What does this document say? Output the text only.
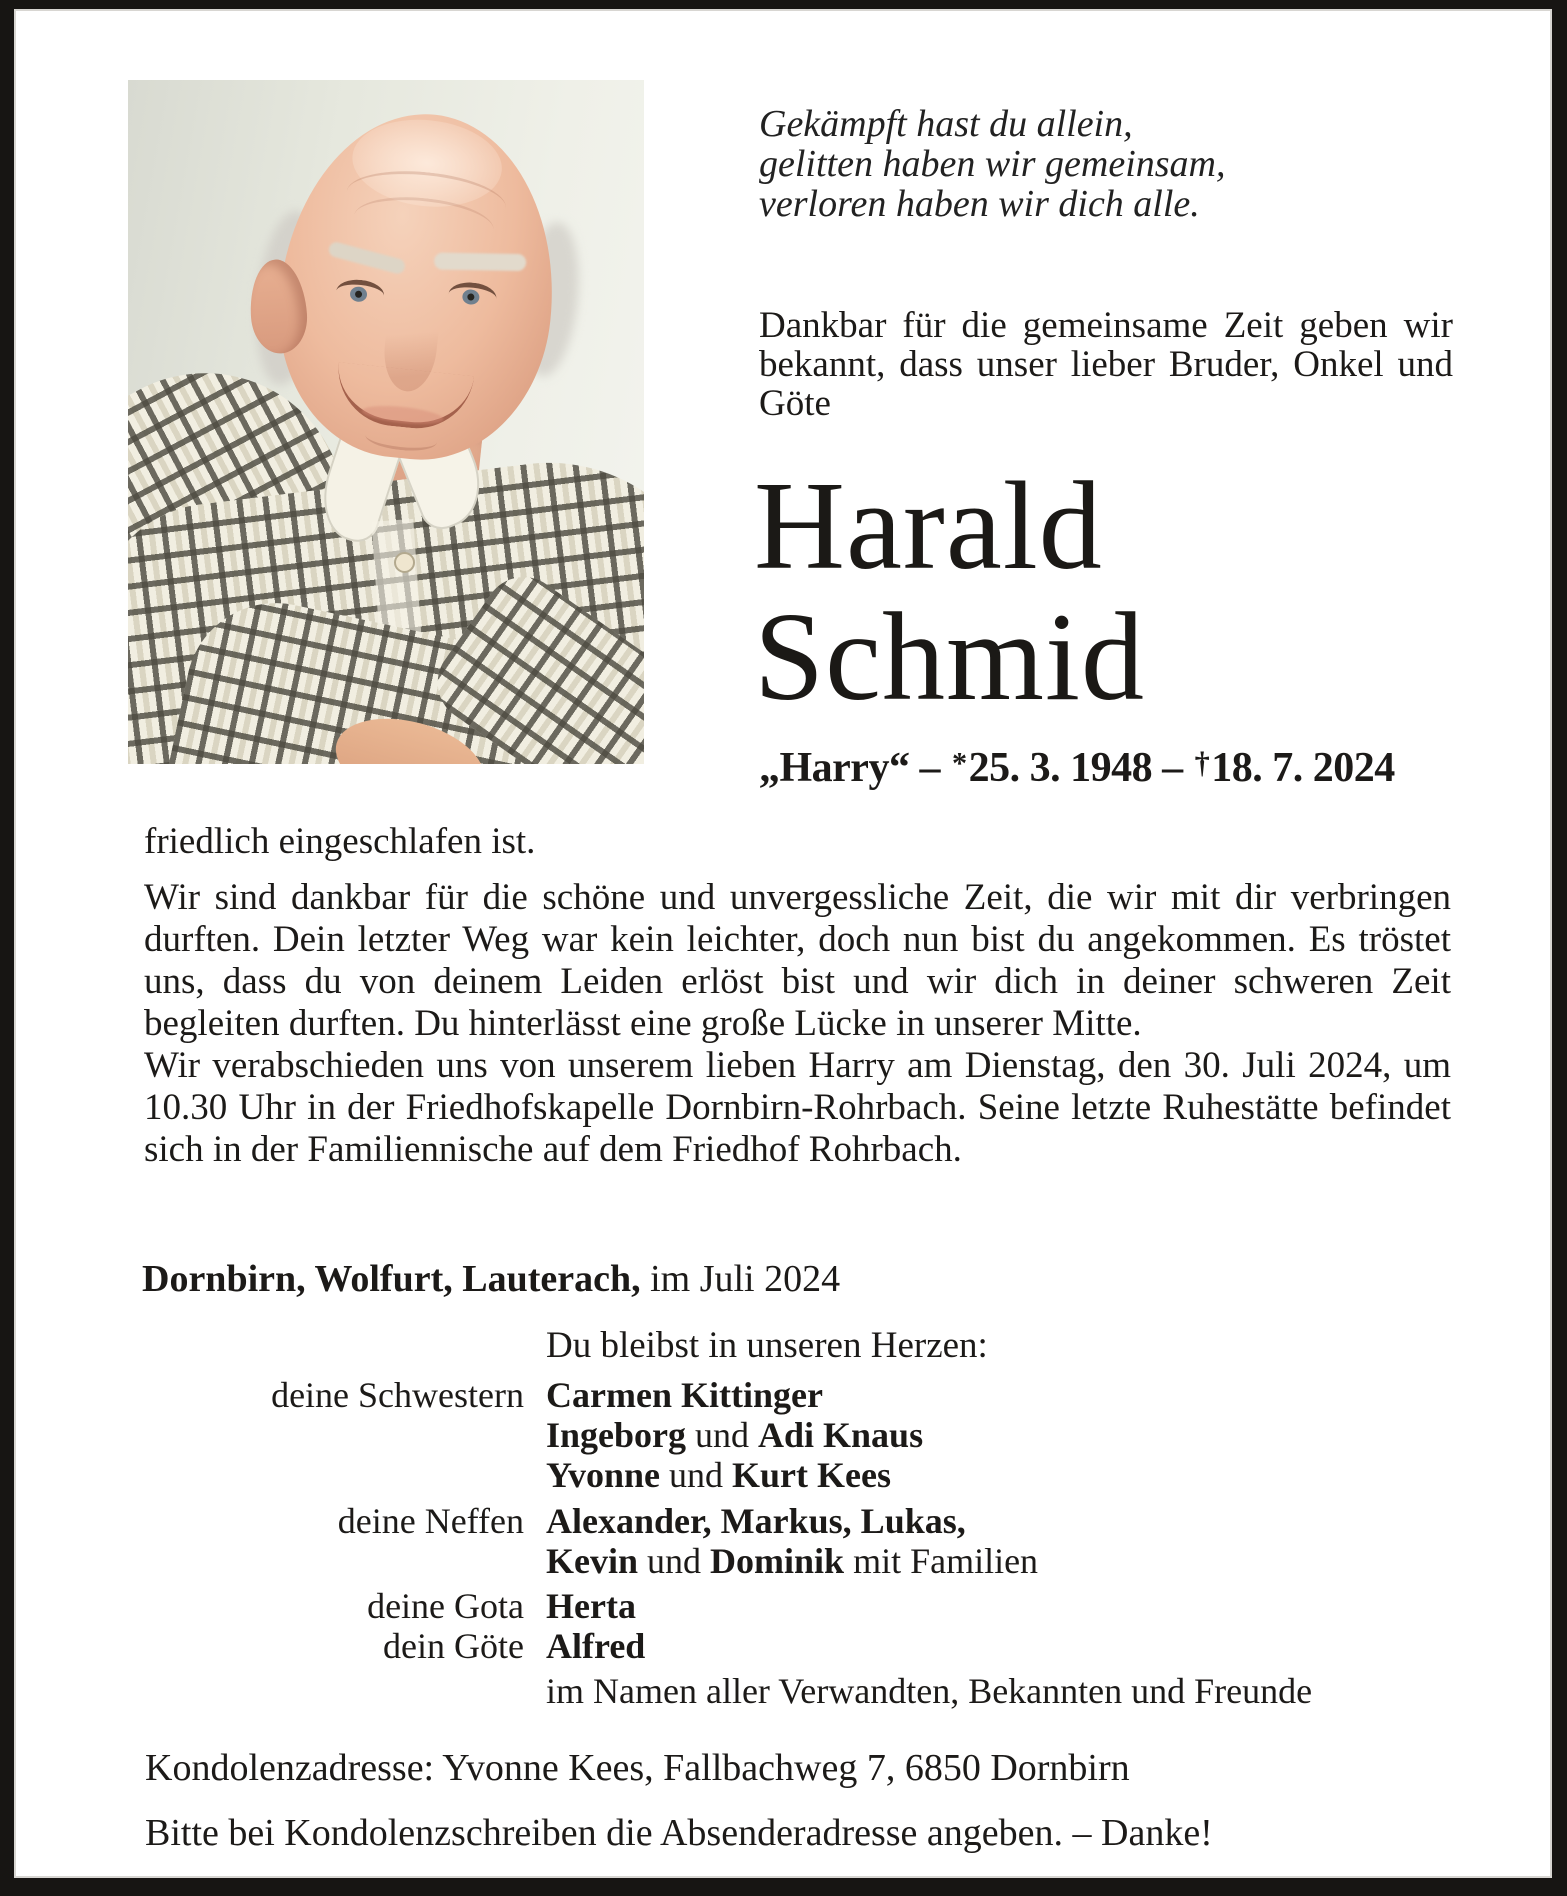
Gekämpft hast du allein,
gelitten haben wir gemeinsam,
verloren haben wir dich alle.
Dankbar für die gemeinsame Zeit geben wir bekannt, dass unser lieber Bruder, Onkel und Göte
Harald
Schmid
„Harry“ – *25. 3. 1948 – †18. 7. 2024
friedlich eingeschlafen ist.

Wir sind dankbar für die schöne und unvergessliche Zeit, die wir mit dir verbringen durften. Dein letzter Weg war kein leichter, doch nun bist du angekommen. Es tröstet uns, dass du von deinem Leiden erlöst bist und wir dich in deiner schweren Zeit begleiten durften. Du hinterlässt eine große Lücke in unserer Mitte.

Wir verabschieden uns von unserem lieben Harry am Dienstag, den 30. Juli 2024, um 10.30 Uhr in der Friedhofskapelle Dornbirn-Rohrbach. Seine letzte Ruhestätte befindet sich in der Familiennische auf dem Friedhof Rohrbach.

Dornbirn, Wolfurt, Lauterach, im Juli 2024
Du bleibst in unseren Herzen:
deine Schwestern Carmen Kittinger
Ingeborg und Adi Knaus
Yvonne und Kurt Kees
deine Neffen Alexander, Markus, Lukas,
Kevin und Dominik mit Familien
deine Gota Herta
dein Göte Alfred
im Namen aller Verwandten, Bekannten und Freunde
Kondolenzadresse: Yvonne Kees, Fallbachweg 7, 6850 Dornbirn
Bitte bei Kondolenzschreiben die Absenderadresse angeben. – Danke!
